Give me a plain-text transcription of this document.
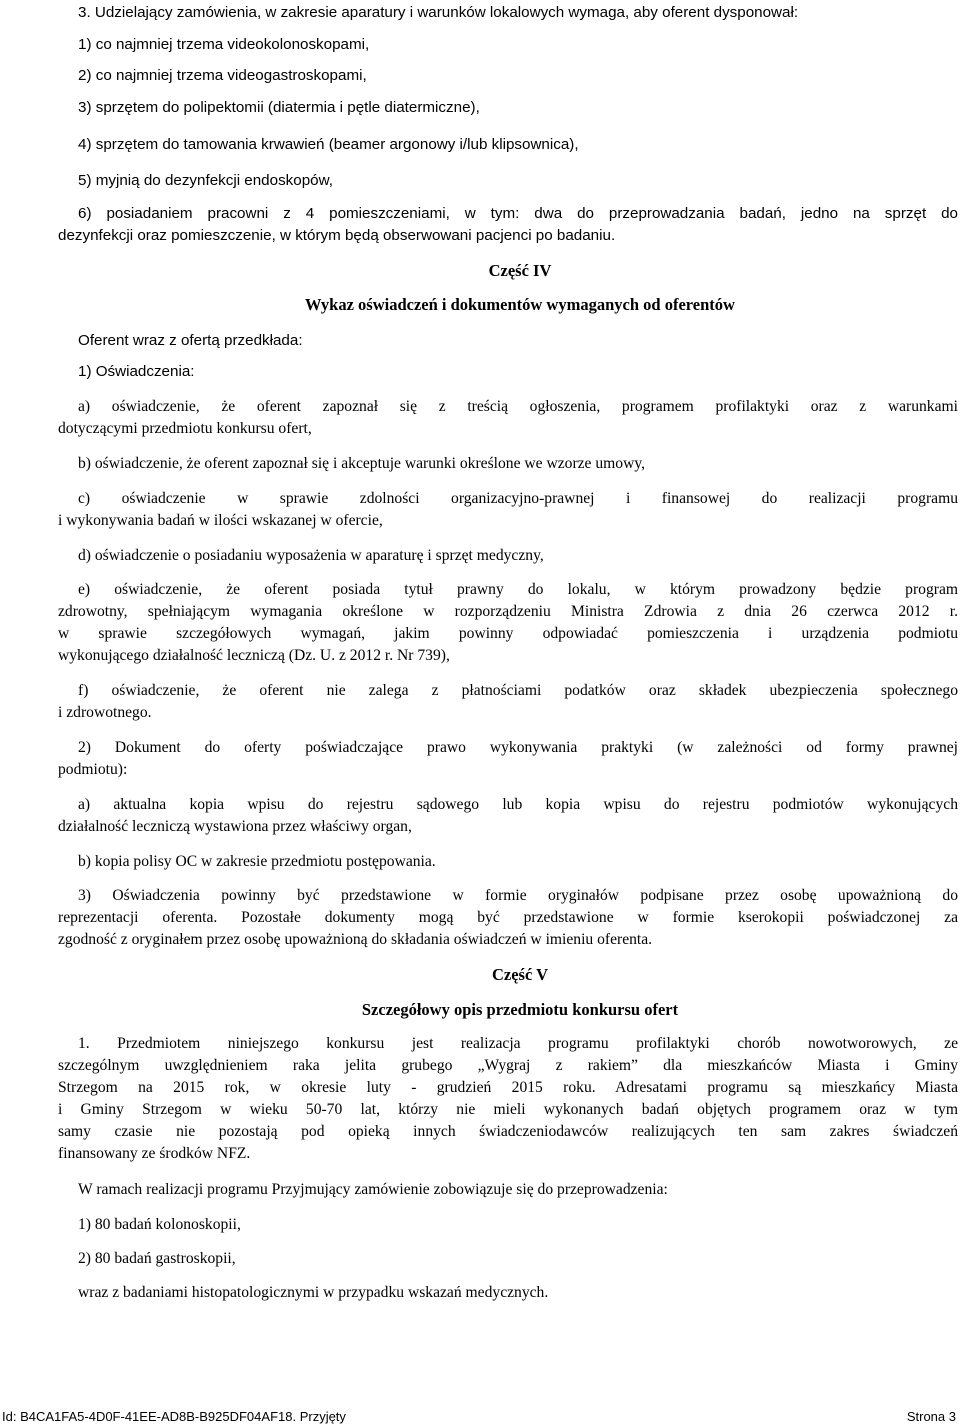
3. Udzielający zamówienia, w zakresie aparatury i warunków lokalowych wymaga, aby oferent dysponował:
1) co najmniej trzema videokolonoskopami,
2) co najmniej trzema videogastroskopami,
3) sprzętem do polipektomii (diatermia i pętle diatermiczne),
4) sprzętem do tamowania krwawień (beamer argonowy i/lub klipsownica),
5) myjnią do dezynfekcji endoskopów,
6) posiadaniem pracowni z 4 pomieszczeniami, w tym: dwa do przeprowadzania badań, jedno na sprzęt do
dezynfekcji oraz pomieszczenie, w którym będą obserwowani pacjenci po badaniu.
Część IV
Wykaz oświadczeń i dokumentów wymaganych od oferentów
Oferent wraz z ofertą przedkłada:
1) Oświadczenia:
a) oświadczenie, że oferent zapoznał się z treścią ogłoszenia, programem profilaktyki oraz z warunkami
dotyczącymi przedmiotu konkursu ofert,
b) oświadczenie, że oferent zapoznał się i akceptuje warunki określone we wzorze umowy,
c) oświadczenie w sprawie zdolności organizacyjno-prawnej i finansowej do realizacji programu
i wykonywania badań w ilości wskazanej w ofercie,
d) oświadczenie o posiadaniu wyposażenia w aparaturę i sprzęt medyczny,
e) oświadczenie, że oferent posiada tytuł prawny do lokalu, w którym prowadzony będzie program
zdrowotny, spełniającym wymagania określone w rozporządzeniu Ministra Zdrowia z dnia 26 czerwca 2012 r.
w sprawie szczegółowych wymagań, jakim powinny odpowiadać pomieszczenia i urządzenia podmiotu
wykonującego działalność leczniczą (Dz. U. z 2012 r. Nr 739),
f) oświadczenie, że oferent nie zalega z płatnościami podatków oraz składek ubezpieczenia społecznego
i zdrowotnego.
2) Dokument do oferty poświadczające prawo wykonywania praktyki (w zależności od formy prawnej
podmiotu):
a) aktualna kopia wpisu do rejestru sądowego lub kopia wpisu do rejestru podmiotów wykonujących
działalność leczniczą wystawiona przez właściwy organ,
b) kopia polisy OC w zakresie przedmiotu postępowania.
3) Oświadczenia powinny być przedstawione w formie oryginałów podpisane przez osobę upoważnioną do
reprezentacji oferenta. Pozostałe dokumenty mogą być przedstawione w formie kserokopii poświadczonej za
zgodność z oryginałem przez osobę upoważnioną do składania oświadczeń w imieniu oferenta.
Część V
Szczegółowy opis przedmiotu konkursu ofert
1. Przedmiotem niniejszego konkursu jest realizacja programu profilaktyki chorób nowotworowych, ze
szczególnym uwzględnieniem raka jelita grubego „Wygraj z rakiem” dla mieszkańców Miasta i Gminy
Strzegom na 2015 rok, w okresie luty - grudzień 2015 roku. Adresatami programu są mieszkańcy Miasta
i Gminy Strzegom w wieku 50-70 lat, którzy nie mieli wykonanych badań objętych programem oraz w tym
samy czasie nie pozostają pod opieką innych świadczeniodawców realizujących ten sam zakres świadczeń
finansowany ze środków NFZ.
W ramach realizacji programu Przyjmujący zamówienie zobowiązuje się do przeprowadzenia:
1) 80 badań kolonoskopii,
2) 80 badań gastroskopii,
wraz z badaniami histopatologicznymi w przypadku wskazań medycznych.
Id: B4CA1FA5-4D0F-41EE-AD8B-B925DF04AF18. Przyjęty	Strona 3
